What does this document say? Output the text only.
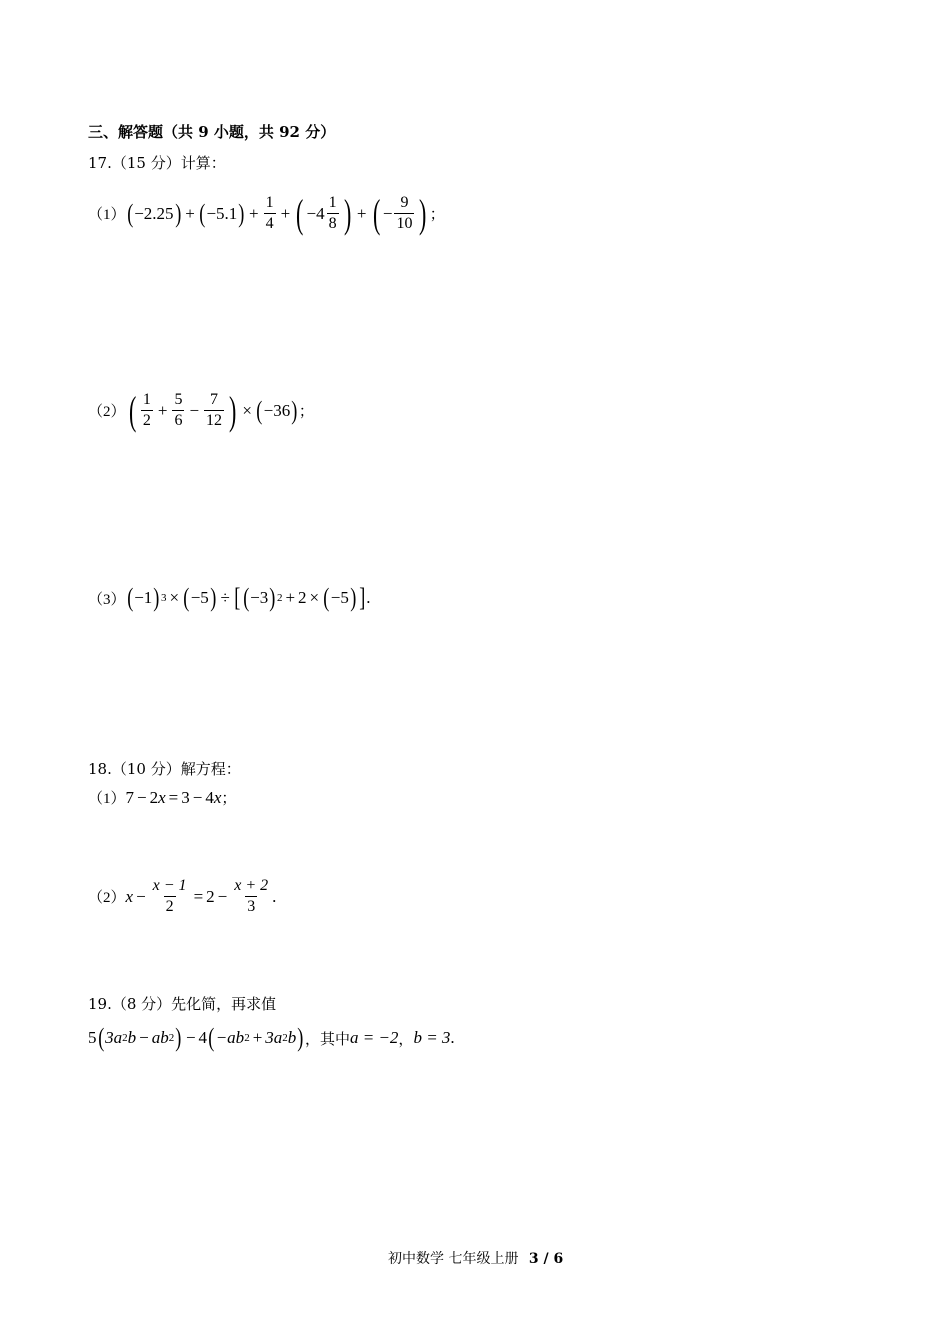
三、解答题（共 9 小题，共 92 分）
17.（15 分）计算：
（1） ( −2.25 ) + ( −5.1 ) + $\frac{1}{4}$ + ( $-4 \frac{1}{8}$ ) + ( − $\frac{9}{10}$ ) ；
（2） ( $\frac{1}{2} + \frac{5}{6} - \frac{7}{12}$ ) × ( −36 ) ；
（3） ( −1 ) 3 × ( −5 ) ÷ [ ( −3 ) 2 + 2 × ( −5 ) ] .
18.（10 分）解方程：
（1） 7 − 2 x = 3 − 4 x ；
（2） $x - \frac{x - 1}{2} = 2 - \frac{x + 2}{3}$ .
19.（8 分）先化简，再求值
5 ( 3a 2 b − ab 2 ) − 4 ( −ab 2 + 3a 2 b ) ，其中 a = −2 ， b = 3 .
初中数学 七年级上册 3 / 6
